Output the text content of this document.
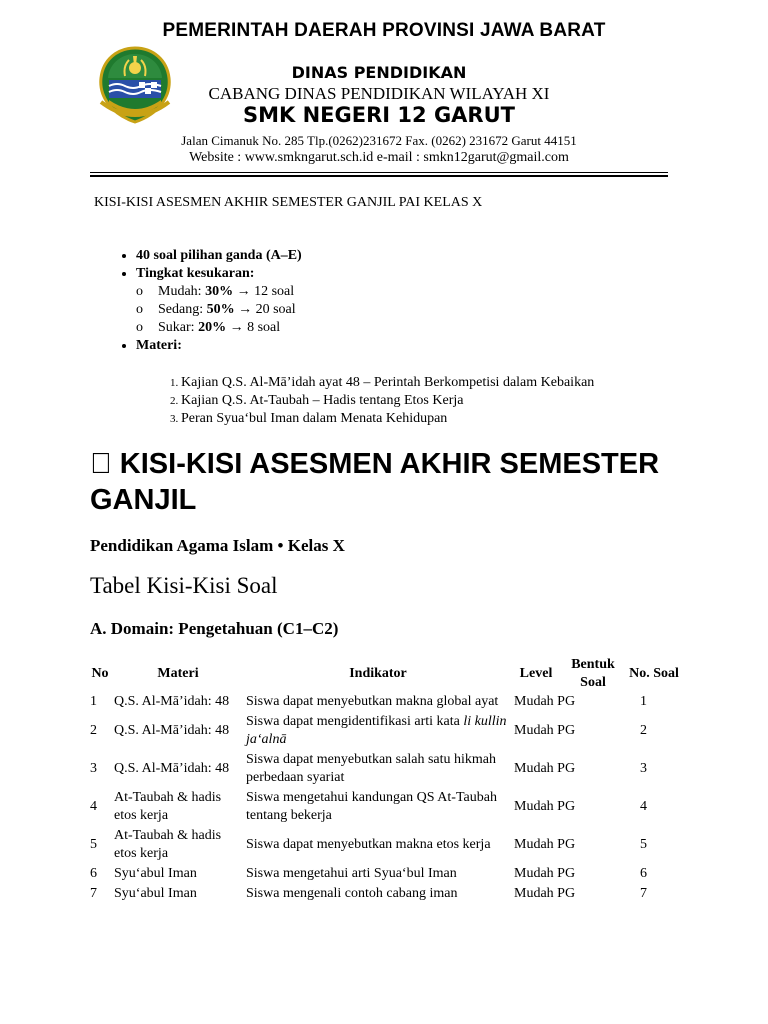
PEMERINTAH DAERAH PROVINSI JAWA BARAT
DINAS PENDIDIKAN
CABANG DINAS PENDIDIKAN WILAYAH XI
SMK NEGERI 12 GARUT
Jalan Cimanuk No. 285 Tlp.(0262)231672 Fax. (0262) 231672 Garut 44151
Website : www.smkngarut.sch.id e-mail : smkn12garut@gmail.com
KISI-KISI ASESMEN AKHIR SEMESTER GANJIL PAI KELAS X
• 40 soal pilihan ganda (A–E)
• Tingkat kesukaran:
o Mudah: 30% → 12 soal
o Sedang: 50% → 20 soal
o Sukar: 20% → 8 soal
• Materi:
1. Kajian Q.S. Al-Mā’idah ayat 48 – Perintah Berkompetisi dalam Kebaikan
2. Kajian Q.S. At-Taubah – Hadis tentang Etos Kerja
3. Peran Syua‘bul Iman dalam Menata Kehidupan
􏰀 KISI-KISI ASESMEN AKHIR SEMESTER GANJIL
Pendidikan Agama Islam • Kelas X
Tabel Kisi-Kisi Soal
A. Domain: Pengetahuan (C1–C2)
No	Materi	Indikator	Level	Bentuk Soal	No. Soal
1	Q.S. Al-Mā’idah: 48	Siswa dapat menyebutkan makna global ayat	Mudah PG		1
2	Q.S. Al-Mā’idah: 48	Siswa dapat mengidentifikasi arti kata li kullin ja‘alnā	Mudah PG		2
3	Q.S. Al-Mā’idah: 48	Siswa dapat menyebutkan salah satu hikmah perbedaan syariat	Mudah PG		3
4	At-Taubah & hadis etos kerja	Siswa mengetahui kandungan QS At-Taubah tentang bekerja	Mudah PG		4
5	At-Taubah & hadis etos kerja	Siswa dapat menyebutkan makna etos kerja	Mudah PG		5
6	Syu‘abul Iman	Siswa mengetahui arti Syua‘bul Iman	Mudah PG		6
7	Syu‘abul Iman	Siswa mengenali contoh cabang iman	Mudah PG		7
